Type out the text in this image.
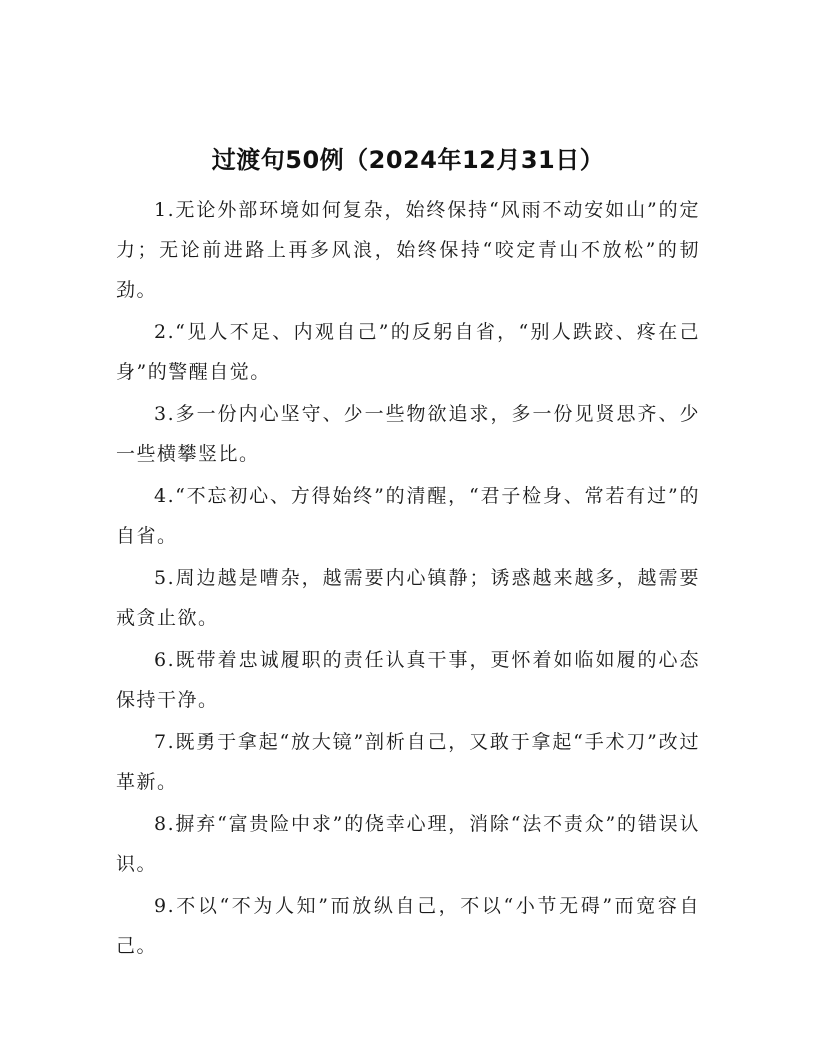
过渡句50例（2024年12月31日）

1.无论外部环境如何复杂，始终保持“风雨不动安如山”的定力；无论前进路上再多风浪，始终保持“咬定青山不放松”的韧劲。

2.“见人不足、内观自己”的反躬自省，“别人跌跤、疼在己身”的警醒自觉。

3.多一份内心坚守、少一些物欲追求，多一份见贤思齐、少一些横攀竖比。

4.“不忘初心、方得始终”的清醒，“君子检身、常若有过”的自省。

5.周边越是嘈杂，越需要内心镇静；诱惑越来越多，越需要戒贪止欲。

6.既带着忠诚履职的责任认真干事，更怀着如临如履的心态保持干净。

7.既勇于拿起“放大镜”剖析自己，又敢于拿起“手术刀”改过革新。

8.摒弃“富贵险中求”的侥幸心理，消除“法不责众”的错误认识。

9.不以“不为人知”而放纵自己，不以“小节无碍”而宽容自己。
